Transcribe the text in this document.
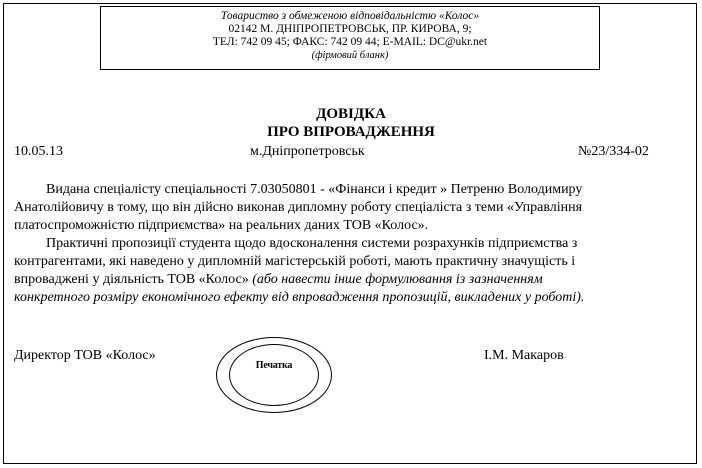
Товариство з обмеженою відповідальністю «Колос»
02142 М. ДНІПРОПЕТРОВСЬК, ПР. КИРОВА, 9;
ТЕЛ: 742 09 45; ФАКС: 742 09 44; E-MAIL: DC@ukr.net
(фірмовий бланк)
ДОВІДКА
ПРО ВПРОВАДЖЕННЯ
10.05.13	м.Дніпропетровськ	№23/334-02
Видана спеціалісту спеціальності 7.03050801 - «Фінанси і кредит » Петреню Володимиру
Анатолійовичу в тому, що він дійсно виконав дипломну роботу спеціаліста з теми «Управління
платоспроможністю підприємства» на реальних даних ТОВ «Колос».
Практичні пропозиції студента щодо вдосконалення системи розрахунків підприємства з
контрагентами, які наведено у дипломній магістерській роботі, мають практичну значущість і
впроваджені у діяльність ТОВ «Колос» (або навести інше формулювання із зазначенням
конкретного розміру економічного ефекту від впровадження пропозицій, викладених у роботі).
Директор ТОВ «Колос»
Печатка
І.М. Макаров
